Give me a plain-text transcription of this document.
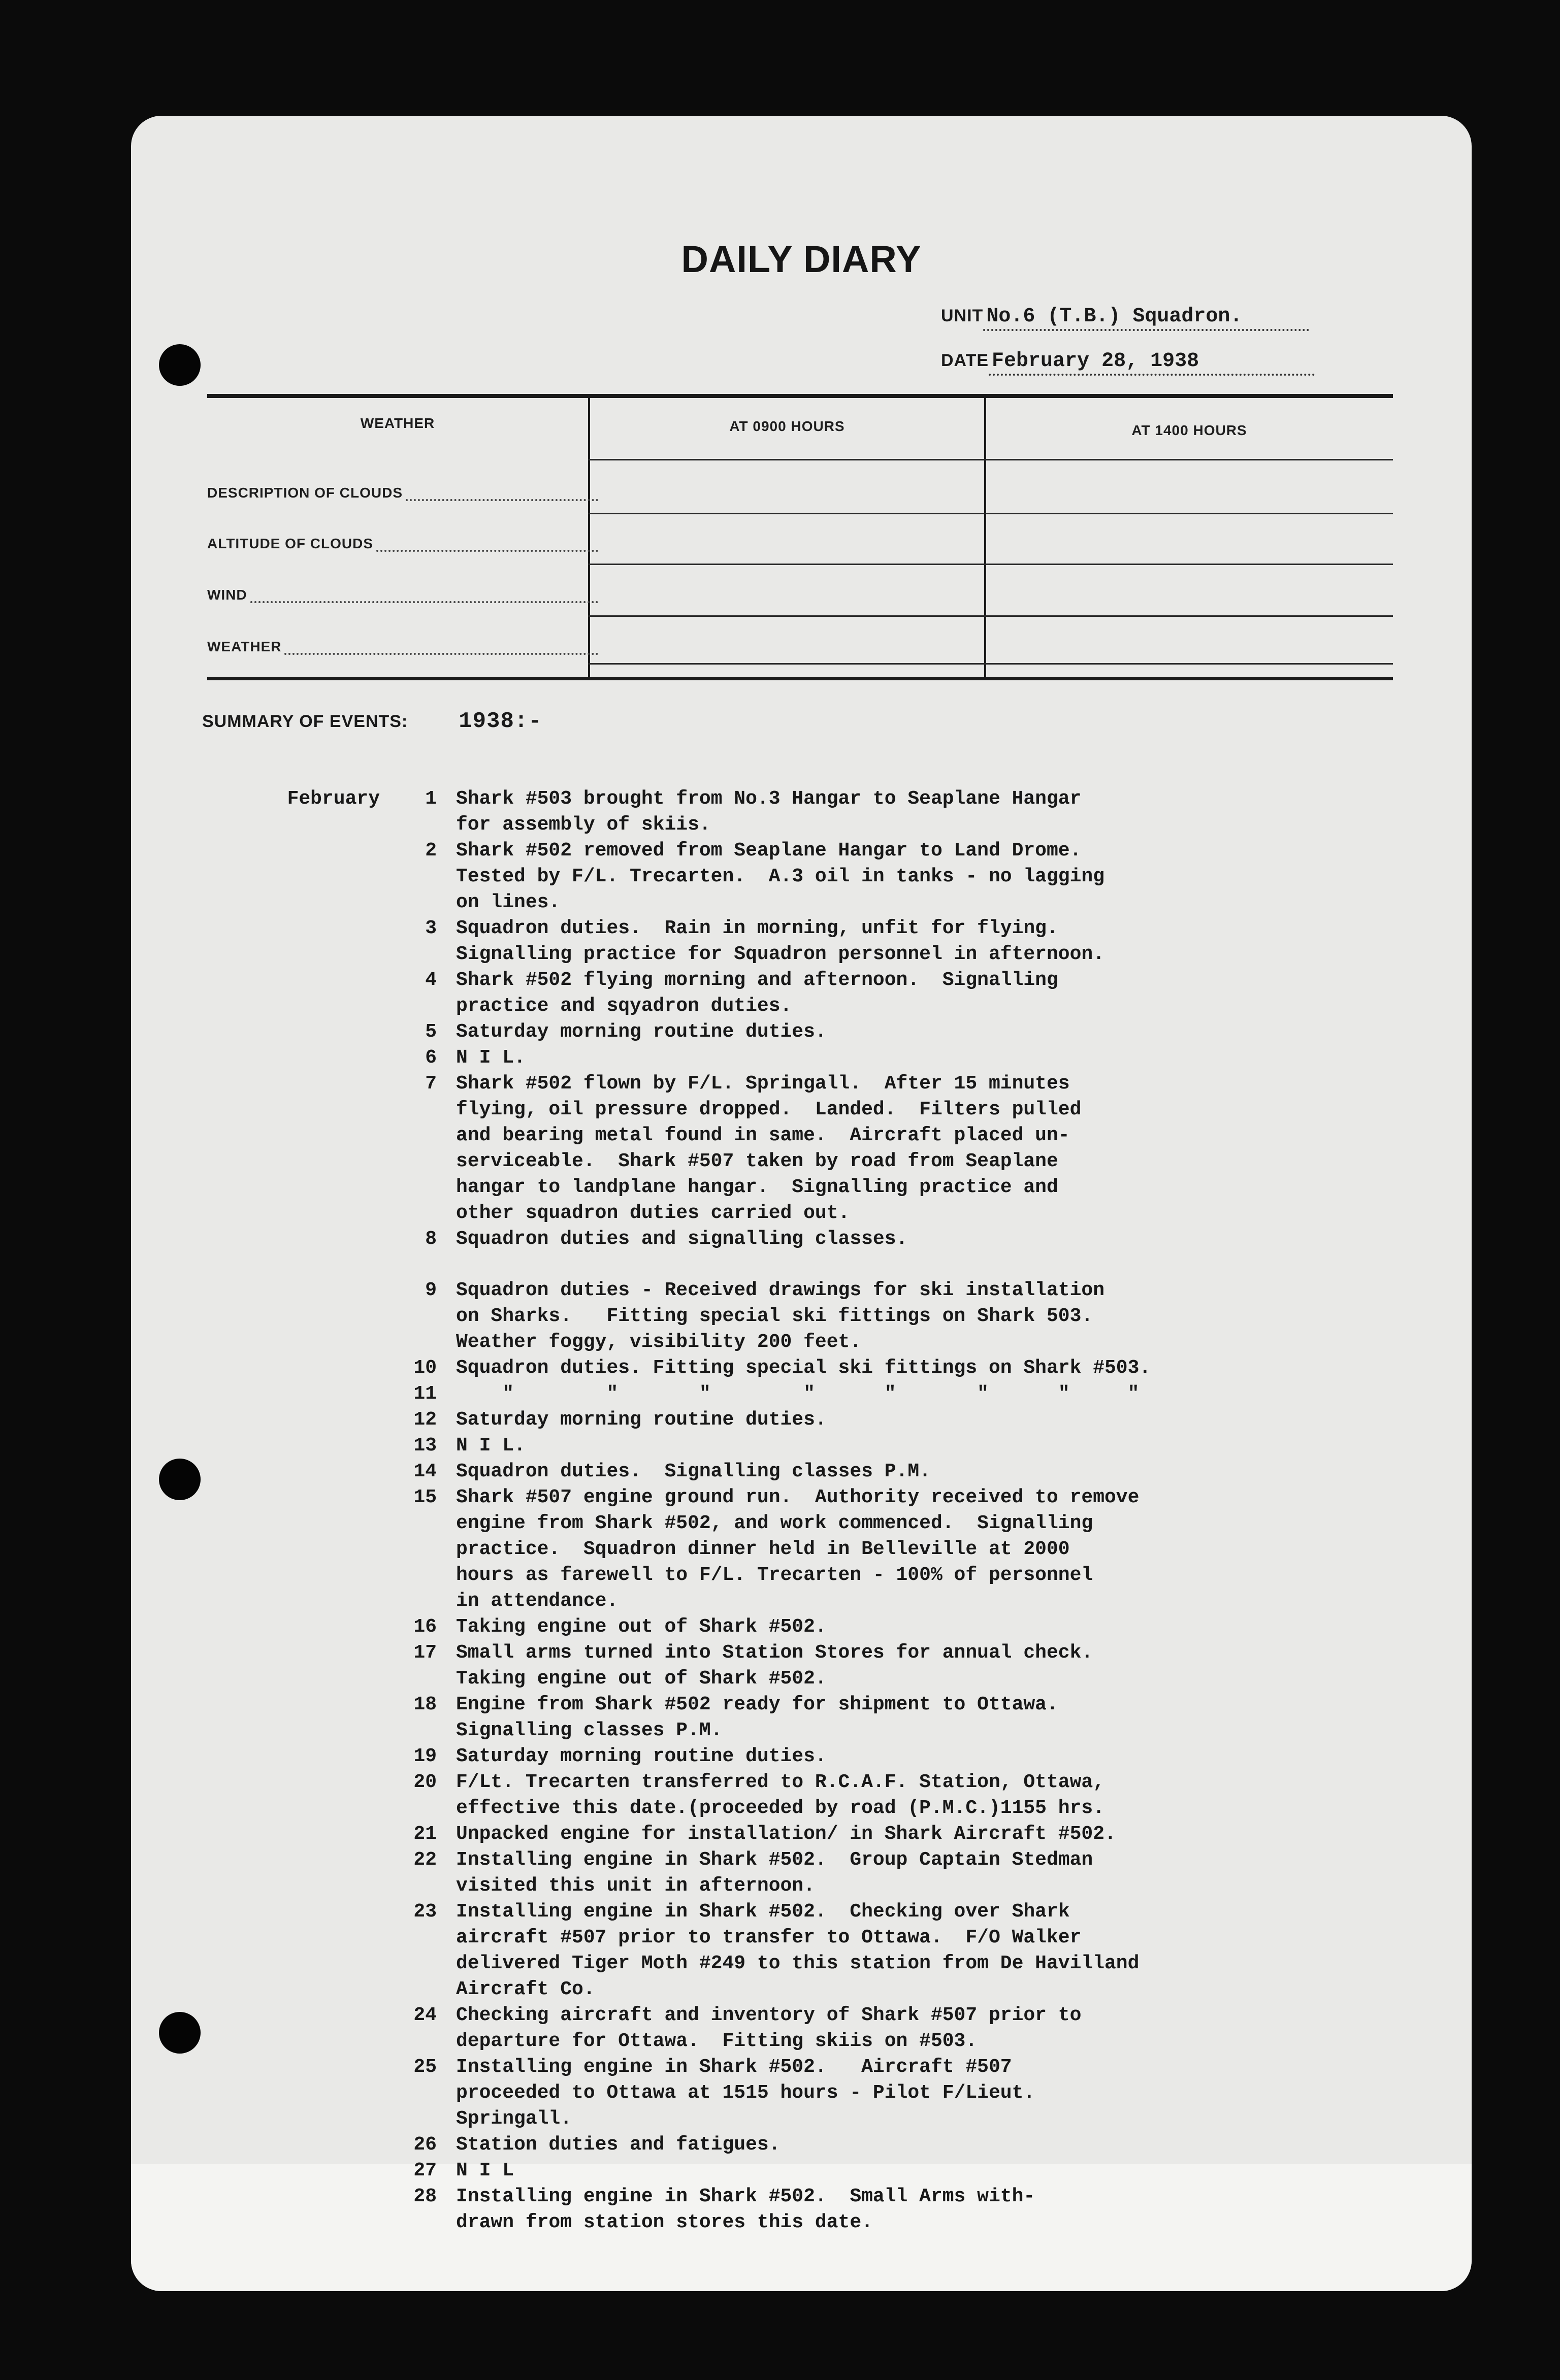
DAILY DIARY
UNIT No.6 (T.B.) Squadron.
DATE February 28, 1938
WEATHER	AT 0900 HOURS	AT 1400 HOURS
DESCRIPTION OF CLOUDS
ALTITUDE OF CLOUDS
WIND
WEATHER
SUMMARY OF EVENTS: 1938:-
February	1	Shark #503 brought from No.3 Hangar to Seaplane Hangar
for assembly of skiis.
2	Shark #502 removed from Seaplane Hangar to Land Drome.
Tested by F/L. Trecarten.  A.3 oil in tanks - no lagging
on lines.
3	Squadron duties.  Rain in morning, unfit for flying.
Signalling practice for Squadron personnel in afternoon.
4	Shark #502 flying morning and afternoon.  Signalling
practice and sqyadron duties.
5	Saturday morning routine duties.
6	N I L.
7	Shark #502 flown by F/L. Springall.  After 15 minutes
flying, oil pressure dropped.  Landed.  Filters pulled
and bearing metal found in same.  Aircraft placed un-
serviceable.  Shark #507 taken by road from Seaplane
hangar to landplane hangar.  Signalling practice and
other squadron duties carried out.
8	Squadron duties and signalling classes.
9	Squadron duties - Received drawings for ski installation
on Sharks.   Fitting special ski fittings on Shark 503.
Weather foggy, visibility 200 feet.
10	Squadron duties. Fitting special ski fittings on Shark #503.
11	"        "       "        "      "       "      "     "
12	Saturday morning routine duties.
13	N I L.
14	Squadron duties.  Signalling classes P.M.
15	Shark #507 engine ground run.  Authority received to remove
engine from Shark #502, and work commenced.  Signalling
practice.  Squadron dinner held in Belleville at 2000
hours as farewell to F/L. Trecarten - 100% of personnel
in attendance.
16	Taking engine out of Shark #502.
17	Small arms turned into Station Stores for annual check.
Taking engine out of Shark #502.
18	Engine from Shark #502 ready for shipment to Ottawa.
Signalling classes P.M.
19	Saturday morning routine duties.
20	F/Lt. Trecarten transferred to R.C.A.F. Station, Ottawa,
effective this date.(proceeded by road (P.M.C.)1155 hrs.
21	Unpacked engine for installation/ in Shark Aircraft #502.
22	Installing engine in Shark #502.  Group Captain Stedman
visited this unit in afternoon.
23	Installing engine in Shark #502.  Checking over Shark
aircraft #507 prior to transfer to Ottawa.  F/O Walker
delivered Tiger Moth #249 to this station from De Havilland
Aircraft Co.
24	Checking aircraft and inventory of Shark #507 prior to
departure for Ottawa.  Fitting skiis on #503.
25	Installing engine in Shark #502.   Aircraft #507
proceeded to Ottawa at 1515 hours - Pilot F/Lieut.
Springall.
26	Station duties and fatigues.
27	N I L
28	Installing engine in Shark #502.  Small Arms with-
drawn from station stores this date.
